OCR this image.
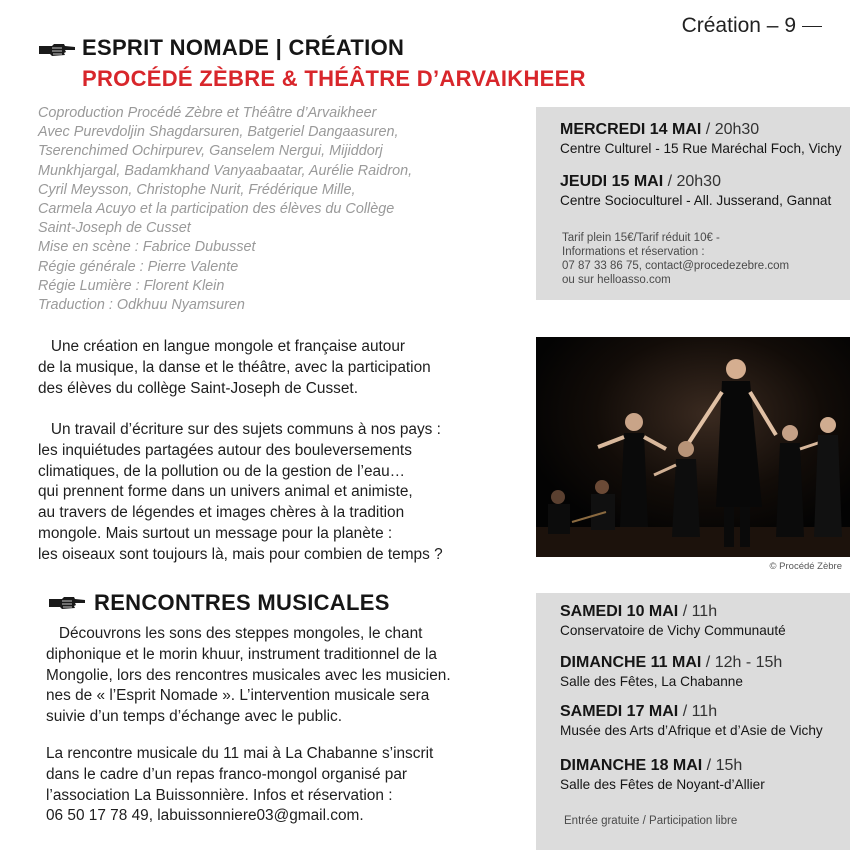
Création – 9
ESPRIT NOMADE | CRÉATION
PROCÉDÉ ZÈBRE & THÉÂTRE D’ARVAIKHEER
Coproduction Procédé Zèbre et Théâtre d’Arvaikheer
Avec Purevdoljin Shagdarsuren, Batgeriel Dangaasuren,
Tserenchimed Ochirpurev, Ganselem Nergui, Mijiddorj
Munkhjargal, Badamkhand Vanyaabaatar, Aurélie Raidron,
Cyril Meysson, Christophe Nurit, Frédérique Mille,
Carmela Acuyo et la participation des élèves du Collège
Saint-Joseph de Cusset
Mise en scène : Fabrice Dubusset
Régie générale : Pierre Valente
Régie Lumière : Florent Klein
Traduction : Odkhuu Nyamsuren
Une création en langue mongole et française autour
de la musique, la danse et le théâtre, avec la participation
des élèves du collège Saint-Joseph de Cusset.
Un travail d’écriture sur des sujets communs à nos pays :
les inquiétudes partagées autour des bouleversements
climatiques, de la pollution ou de la gestion de l’eau…
qui prennent forme dans un univers animal et animiste,
au travers de légendes et images chères à la tradition
mongole. Mais surtout un message pour la planète :
les oiseaux sont toujours là, mais pour combien de temps ?
MERCREDI 14 MAI / 20h30
Centre Culturel - 15 Rue Maréchal Foch, Vichy
JEUDI 15 MAI / 20h30
Centre Socioculturel - All. Jusserand, Gannat
Tarif plein 15€/Tarif réduit 10€ -
Informations et réservation :
07 87 33 86 75, contact@procedezebre.com
ou sur helloasso.com
© Procédé Zèbre
RENCONTRES MUSICALES
Découvrons les sons des steppes mongoles, le chant
diphonique et le morin khuur, instrument traditionnel de la
Mongolie, lors des rencontres musicales avec les musicien.
nes de « l’Esprit Nomade ». L’intervention musicale sera
suivie d’un temps d’échange avec le public.
La rencontre musicale du 11 mai à La Chabanne s’inscrit
dans le cadre d’un repas franco-mongol organisé par
l’association La Buissonnière. Infos et réservation :
06 50 17 78 49, labuissonniere03@gmail.com.
SAMEDI 10 MAI / 11h
Conservatoire de Vichy Communauté
DIMANCHE 11 MAI / 12h - 15h
Salle des Fêtes, La Chabanne
SAMEDI 17 MAI / 11h
Musée des Arts d’Afrique et d’Asie de Vichy
DIMANCHE 18 MAI / 15h
Salle des Fêtes de Noyant-d’Allier
Entrée gratuite / Participation libre
